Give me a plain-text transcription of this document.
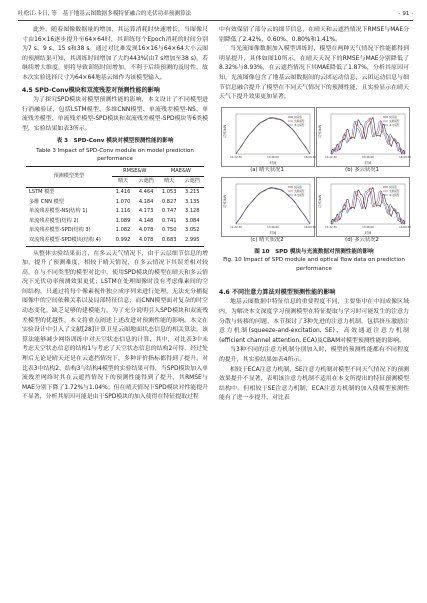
吐松江·卡日, 等　基于地基云图数据多模特征融合的光伏功率预测算法	· 91 ·

此外，随着图像数据量的增加，其运算消耗时快速增长，当图像尺寸由16×16逐步提升至64×64时，其训练每个Epoch消耗的时间分别为7 s、9 s、15 s和38 s。通过对比难发现16×16与64×64大小云图的预测结果可知，其训练时间增加了大约443%(由7 s增加至38 s)，若继续增大维度，则将导致训练时间增加，不利于后续预测的及时性，故本次实验选择尺寸为64×64地基云图作为该模型输入。

4.5 SPD-Conv模块和双流残差对预测性能的影响

为了探究SPD模块对模型预测性能的影响，本文设计了不同模型进行消融验证，包括LSTM模型、多维CNN模型、单流残差模型-NS、单流残差模型、单流残差模型-SPD模块和双流残差模型-SPD模块等6类模型，实验结果如表3所示。

表 3　SPD-Conv 模块对模型预测性能的影响

Table 3 Impact of SPD-Conv module on model prediction performance

预测模型类型	RMSE&W		MAE&W	
	晴天	云遮挡	晴天	云遮挡
LSTM 模型	1.416	4.464	1.053	3.215
多维 CNN 模型	1.070	4.184	0.827	3.135
单流残差模型-NS(结构 1)	1.116	4.173	0.747	3.128
单流残差模型(结构 2)	1.089	4.148	0.741	3.084
单流残差模型-SPD(结构 3)	1.082	4.078	0.750	3.052
双流残差模型-SPD模块(结构 4)	0.992	4.078	0.683	2.995

从整体实验结果而言，在多云天气情况下，由于云层细节信息的增加，提升了预测难度，相较于晴天情况，在多云情况下其误差相对较高，在与不同类型的模型对比中，使用SPD模块的模型在晴天和多云情况下光伏功率预测效果更优；LSTM在处理图像时没有考虑像素间的空间结构，只通过将每个像素视作独立成序列来进行处理，无法充分捕捉图像中的空间依赖关系以及局部特征信息；而CNN模型面对复杂的时空动态变化，缺乏足够的建模能力，为了充分说明引入SPD模块和双流残差模型的优越性，本文将重点阐述上述改进对预测性能的影响。本文在实验设计中引入了文献[28]计算卫星云图地面状态信息的相关算法，该算法能够减少网络训练中对天空状态信息的计算，其中，对比表3中未考虑天空状态信息的结构1与考虑了天空状态信息的结构2可得，经过处理后无论是晴天还是在云遮挡情况下，多种评价指标都得到了提升。对比表3中结构2、结构3与结构4模型的实验结果可得，当SPD模块加入单流残差网络时其在云遮挡情况下的预测性能得到了提升，其RMSE与MAE分别下降了1.72%与1.04%；但在晴天情况下SPD模块对性能提升不显著，分析其原因可能是由于SPD模块的加入使得在特征提取过程

中有效保留了部分云的细节信息，在晴天和云遮挡情况下RMSE与MAE分别降低了2.42%、0.60%、0.80%和1.41%。

当光流图像数据加入模型训练时，模型在两种天气情况下性能都得到明显提升，具体如图10所示，在晴天天况下的RMSE与MAE分别降低了8.32%与8.93%，在云遮挡情况下其MAE降低了1.87%，分析其原因可知，光流图像包含了地基云图数据间的云团运动信息，云团运动信息与细节信息融合提升了模型在不同天气情况下的预测性能，且实验显示在晴天天气下提升效果更加显著。

功率/kW
时间
11:22:30	13:46:00	16:09:30
实际值
文献模型
本文模型
(a) 晴天状况1
功率/kW
时间
11:22:30	13:46:00	16:09:30
实际值
文献模型
本文模型
(b) 多云状况1
功率/kW
时间
11:22:30	13:46:00	16:09:30
实际值
文献模型
本文模型
(c) 晴天状况2
功率/kW
时间
11:22:30	13:46:00	16:09:30
实际值
文献模型
本文模型
(d) 多云状况2

图 10　SPD 模块与光流数据对预测性能的影响

Fig. 10 Impact of SPD module and optical flow data on prediction performance

4.6 不同注意力算法对模型预测性能的影响

地基云图数据中特征信息的重要程度不同，主要集中在中间成像区域内，为解决本文深度学习预测模型在特征提取与学习时可能发生的注意力分散与转移的问题，本节探讨了3种先进的注意力机制，包括挤压激励注意力机制(squeeze-and-excitation, SE)、高效通道注意力机制(efficient channel attention, ECA)及CBAM对模型预测性能的影响。

当3种不同的注意力机制分别加入时，模型的预测性能都有不同程度的提升，其实验结果如表4所示。

相较于ECA注意力机制，SE注意力机制对模型不同天气情况下的预测效果提升不显著，表明该注意力机制不适用在本文所提出的特征预测模型结构中。但相较于SE注意力机制，ECA注意力机制的加入使模型预测性能有了进一步提升，对比表
